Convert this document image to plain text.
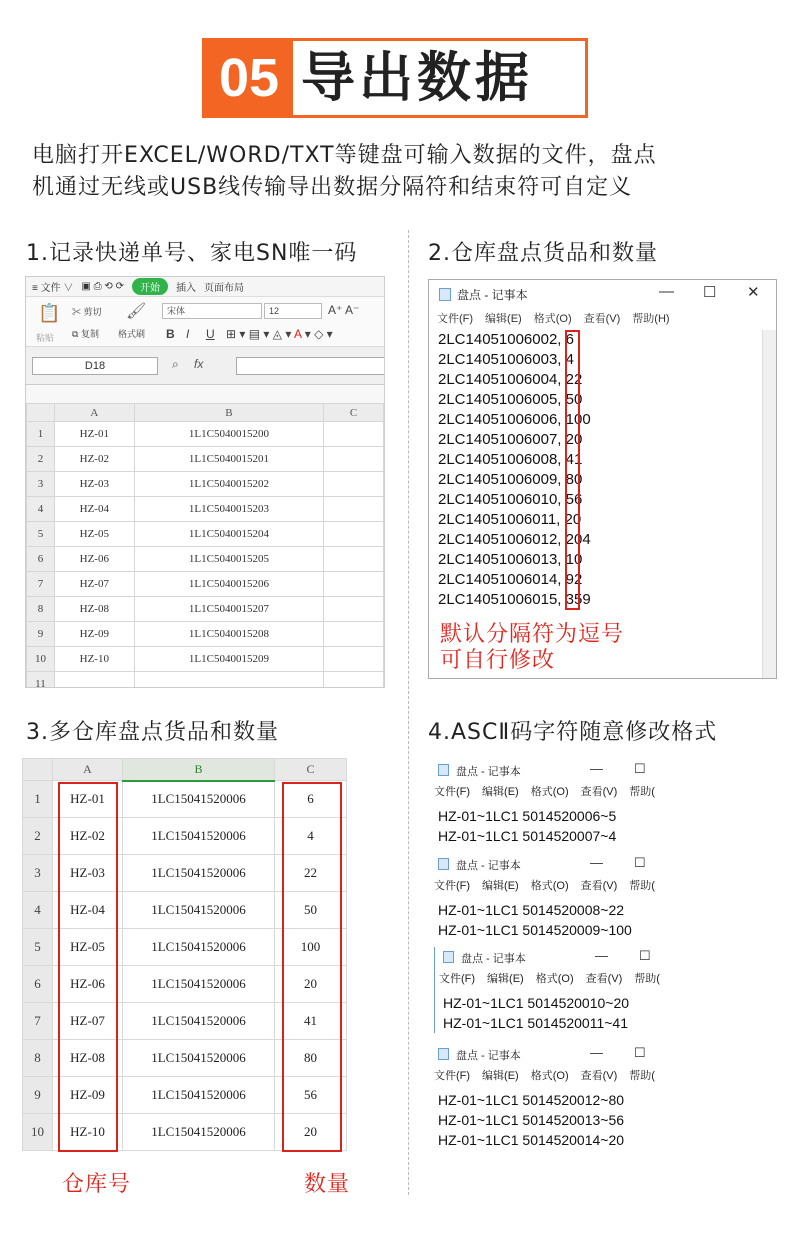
05 导出数据
电脑打开EXCEL/WORD/TXT等键盘可输入数据的文件，盘点
机通过无线或USB线传输导出数据分隔符和结束符可自定义
1.记录快递单号、家电SN唯一码
≡ 文件 ∨ ▣ ⎙ ⟲ ⟳	开始	插入 页面布局
📋
粘贴
✂ 剪切
⧉ 复制
🖌
格式刷
宋体	12	A⁺ A⁻
B I U ⊞ ▾ ▤ ▾ ◬ ▾ A ▾ ◇ ▾
D18	⌕ fx
	A	B	C
1	HZ-01	1L1C5040015200	
2	HZ-02	1L1C5040015201	
3	HZ-03	1L1C5040015202	
4	HZ-04	1L1C5040015203	
5	HZ-05	1L1C5040015204	
6	HZ-06	1L1C5040015205	
7	HZ-07	1L1C5040015206	
8	HZ-08	1L1C5040015207	
9	HZ-09	1L1C5040015208	
10	HZ-10	1L1C5040015209	
11			
2.仓库盘点货品和数量
盘点 - 记事本	— ☐ ✕
文件(F) 编辑(E) 格式(O) 查看(V) 帮助(H)
2LC14051006002, 6
2LC14051006003, 4
2LC14051006004, 22
2LC14051006005, 50
2LC14051006006, 100
2LC14051006007, 20
2LC14051006008, 41
2LC14051006009, 80
2LC14051006010, 56
2LC14051006011, 20
2LC14051006012, 204
2LC14051006013, 10
2LC14051006014, 92
2LC14051006015, 359
默认分隔符为逗号
可自行修改
3.多仓库盘点货品和数量
	A	B	C
1	HZ-01	1LC15041520006	6
2	HZ-02	1LC15041520006	4
3	HZ-03	1LC15041520006	22
4	HZ-04	1LC15041520006	50
5	HZ-05	1LC15041520006	100
6	HZ-06	1LC15041520006	20
7	HZ-07	1LC15041520006	41
8	HZ-08	1LC15041520006	80
9	HZ-09	1LC15041520006	56
10	HZ-10	1LC15041520006	20
仓库号	数量
4.ASCⅡ码字符随意修改格式
盘点 - 记事本	— ☐
文件(F) 编辑(E) 格式(O) 查看(V) 帮助(
HZ-01~1LC1 5014520006~5
HZ-01~1LC1 5014520007~4
盘点 - 记事本	— ☐
文件(F) 编辑(E) 格式(O) 查看(V) 帮助(
HZ-01~1LC1 5014520008~22
HZ-01~1LC1 5014520009~100
盘点 - 记事本	— ☐
文件(F) 编辑(E) 格式(O) 查看(V) 帮助(
HZ-01~1LC1 5014520010~20
HZ-01~1LC1 5014520011~41
盘点 - 记事本	— ☐
文件(F) 编辑(E) 格式(O) 查看(V) 帮助(
HZ-01~1LC1 5014520012~80
HZ-01~1LC1 5014520013~56
HZ-01~1LC1 5014520014~20
